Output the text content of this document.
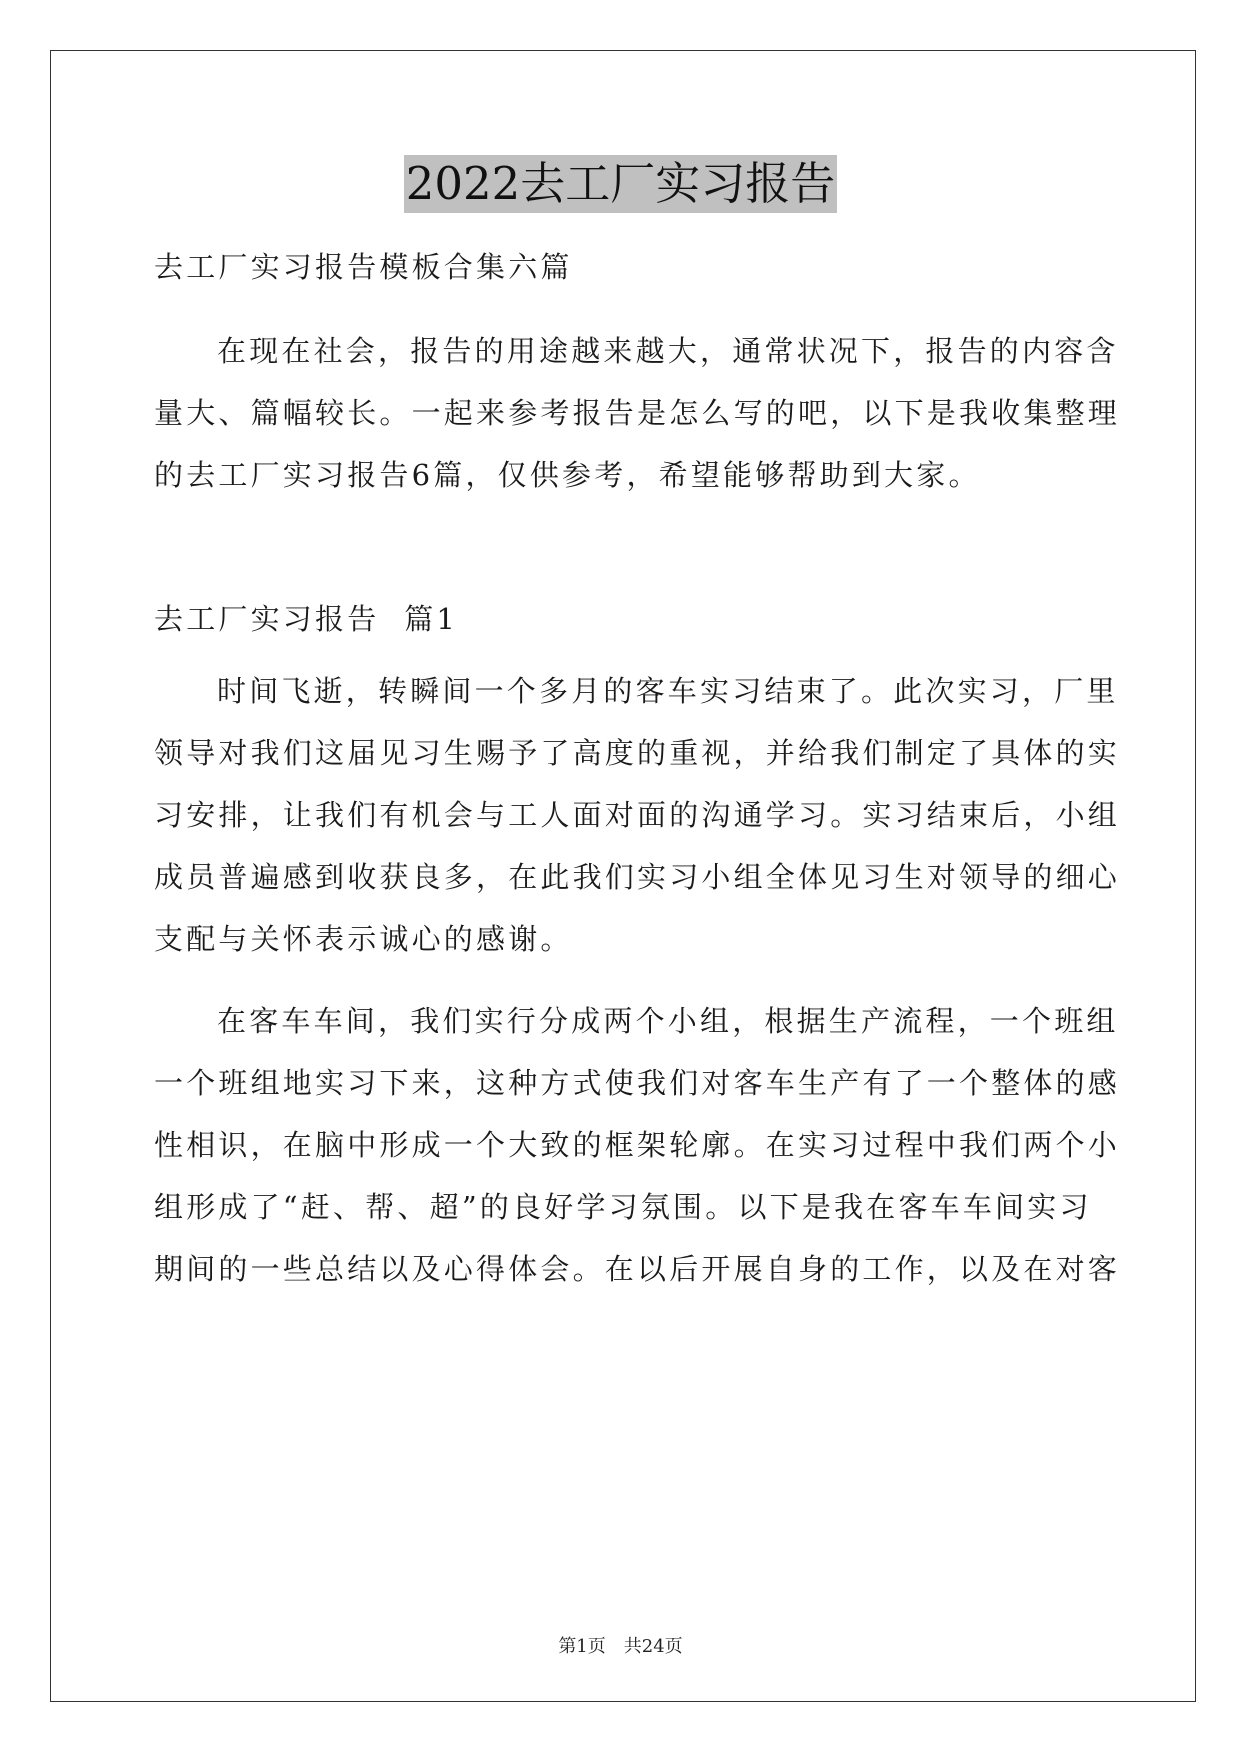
2022去工厂实习报告

去工厂实习报告模板合集六篇

在现在社会，报告的用途越来越大，通常状况下，报告的内容含

量大、篇幅较长。一起来参考报告是怎么写的吧，以下是我收集整理

的去工厂实习报告6篇，仅供参考，希望能够帮助到大家。

去工厂实习报告  篇1

时间飞逝，转瞬间一个多月的客车实习结束了。此次实习，厂里

领导对我们这届见习生赐予了高度的重视，并给我们制定了具体的实

习安排，让我们有机会与工人面对面的沟通学习。实习结束后，小组

成员普遍感到收获良多，在此我们实习小组全体见习生对领导的细心

支配与关怀表示诚心的感谢。

在客车车间，我们实行分成两个小组，根据生产流程，一个班组

一个班组地实习下来，这种方式使我们对客车生产有了一个整体的感

性相识，在脑中形成一个大致的框架轮廓。在实习过程中我们两个小

组形成了“赶、帮、超”的良好学习氛围。以下是我在客车车间实习

期间的一些总结以及心得体会。在以后开展自身的工作，以及在对客

第1页 共24页
